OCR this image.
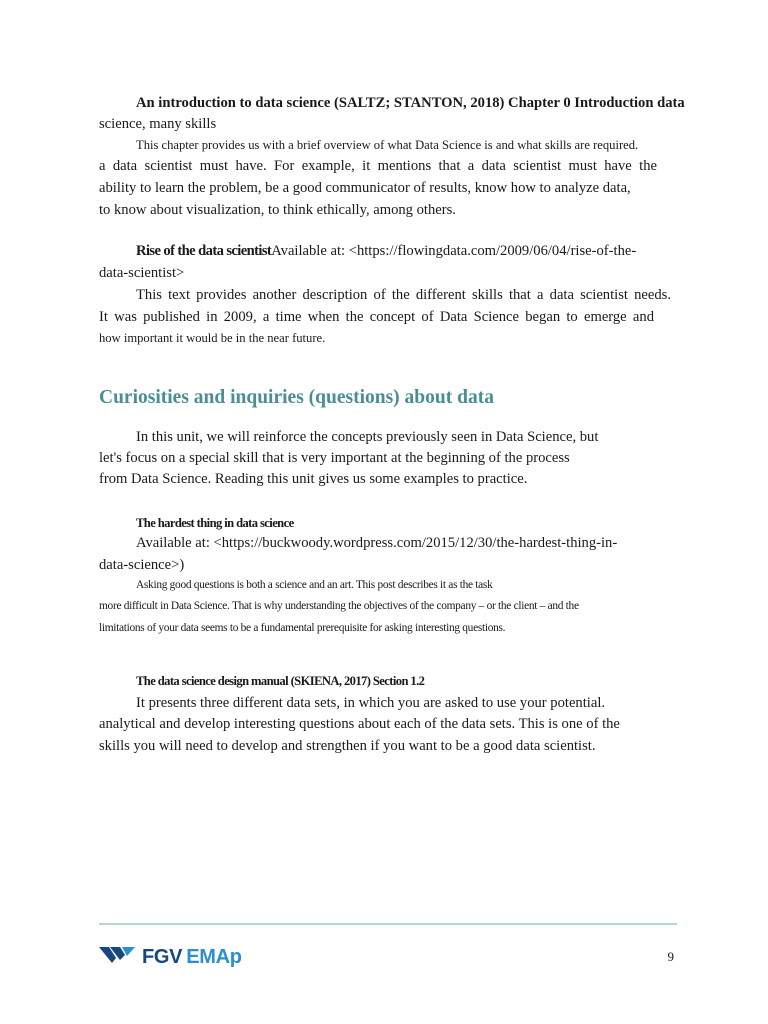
An introduction to data science (SALTZ; STANTON, 2018) Chapter 0 Introduction data
science, many skills
This chapter provides us with a brief overview of what Data Science is and what skills are required.
a data scientist must have. For example, it mentions that a data scientist must have the
ability to learn the problem, be a good communicator of results, know how to analyze data,
to know about visualization, to think ethically, among others.
Rise of the data scientistAvailable at: <https://flowingdata.com/2009/06/04/rise-of-the-
data-scientist>
This text provides another description of the different skills that a data scientist needs.
It was published in 2009, a time when the concept of Data Science began to emerge and
how important it would be in the near future.
Curiosities and inquiries (questions) about data
In this unit, we will reinforce the concepts previously seen in Data Science, but
let's focus on a special skill that is very important at the beginning of the process
from Data Science. Reading this unit gives us some examples to practice.
The hardest thing in data science
Available at: <https://buckwoody.wordpress.com/2015/12/30/the-hardest-thing-in-
data-science>)
Asking good questions is both a science and an art. This post describes it as the task
more difficult in Data Science. That is why understanding the objectives of the company – or the client – and the
limitations of your data seems to be a fundamental prerequisite for asking interesting questions.
The data science design manual (SKIENA, 2017) Section 1.2
It presents three different data sets, in which you are asked to use your potential.
analytical and develop interesting questions about each of the data sets. This is one of the
skills you will need to develop and strengthen if you want to be a good data scientist.
FGV EMAp	9
